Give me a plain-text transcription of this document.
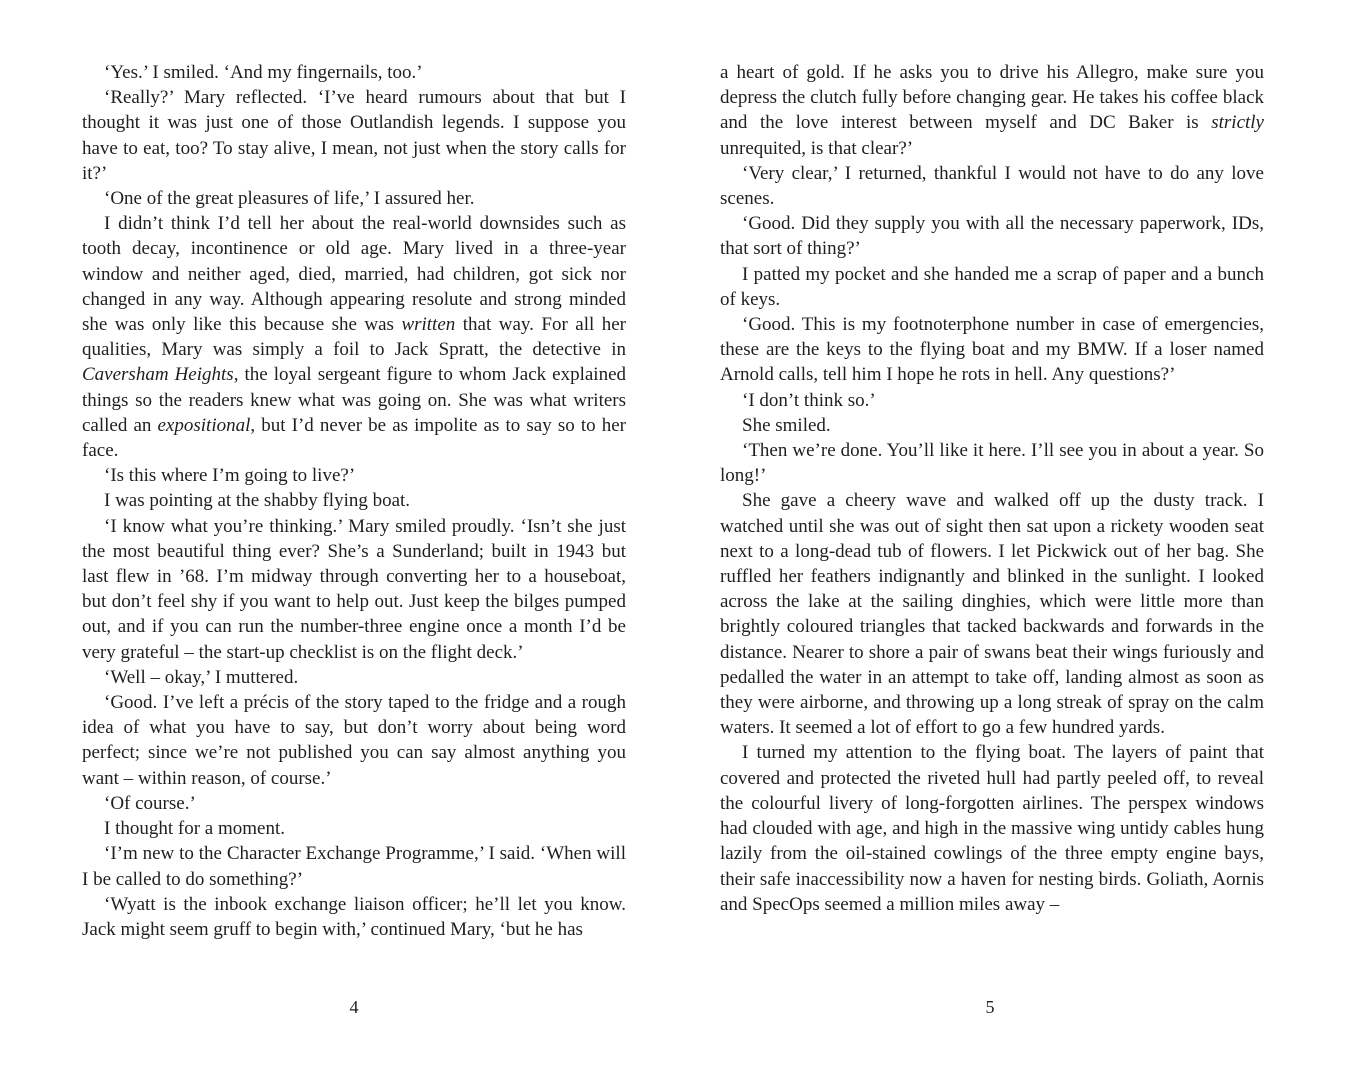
‘Yes.’ I smiled. ‘And my fingernails, too.’

‘Really?’ Mary reflected. ‘I’ve heard rumours about that but I thought it was just one of those Outlandish legends. I suppose you have to eat, too? To stay alive, I mean, not just when the story calls for it?’

‘One of the great pleasures of life,’ I assured her.

I didn’t think I’d tell her about the real-world downsides such as tooth decay, incontinence or old age. Mary lived in a three-year window and neither aged, died, married, had children, got sick nor changed in any way. Although appearing resolute and strong minded she was only like this because she was written that way. For all her qualities, Mary was simply a foil to Jack Spratt, the detective in Caversham Heights, the loyal sergeant figure to whom Jack explained things so the readers knew what was going on. She was what writers called an expositional, but I’d never be as impolite as to say so to her face.

‘Is this where I’m going to live?’

I was pointing at the shabby flying boat.

‘I know what you’re thinking.’ Mary smiled proudly. ‘Isn’t she just the most beautiful thing ever? She’s a Sunderland; built in 1943 but last flew in ’68. I’m midway through converting her to a houseboat, but don’t feel shy if you want to help out. Just keep the bilges pumped out, and if you can run the number-three engine once a month I’d be very grateful – the start-up checklist is on the flight deck.’

‘Well – okay,’ I muttered.

‘Good. I’ve left a précis of the story taped to the fridge and a rough idea of what you have to say, but don’t worry about being word perfect; since we’re not published you can say almost anything you want – within reason, of course.’

‘Of course.’

I thought for a moment.

‘I’m new to the Character Exchange Programme,’ I said. ‘When will I be called to do something?’

‘Wyatt is the inbook exchange liaison officer; he’ll let you know. Jack might seem gruff to begin with,’ continued Mary, ‘but he has

4

a heart of gold. If he asks you to drive his Allegro, make sure you depress the clutch fully before changing gear. He takes his coffee black and the love interest between myself and DC Baker is strictly unrequited, is that clear?’

‘Very clear,’ I returned, thankful I would not have to do any love scenes.

‘Good. Did they supply you with all the necessary paperwork, IDs, that sort of thing?’

I patted my pocket and she handed me a scrap of paper and a bunch of keys.

‘Good. This is my footnoterphone number in case of emergencies, these are the keys to the flying boat and my BMW. If a loser named Arnold calls, tell him I hope he rots in hell. Any questions?’

‘I don’t think so.’

She smiled.

‘Then we’re done. You’ll like it here. I’ll see you in about a year. So long!’

She gave a cheery wave and walked off up the dusty track. I watched until she was out of sight then sat upon a rickety wooden seat next to a long-dead tub of flowers. I let Pickwick out of her bag. She ruffled her feathers indignantly and blinked in the sunlight. I looked across the lake at the sailing dinghies, which were little more than brightly coloured triangles that tacked backwards and forwards in the distance. Nearer to shore a pair of swans beat their wings furiously and pedalled the water in an attempt to take off, landing almost as soon as they were airborne, and throwing up a long streak of spray on the calm waters. It seemed a lot of effort to go a few hundred yards.

I turned my attention to the flying boat. The layers of paint that covered and protected the riveted hull had partly peeled off, to reveal the colourful livery of long-forgotten airlines. The perspex windows had clouded with age, and high in the massive wing untidy cables hung lazily from the oil-stained cowlings of the three empty engine bays, their safe inaccessibility now a haven for nesting birds. Goliath, Aornis and SpecOps seemed a million miles away –

5
